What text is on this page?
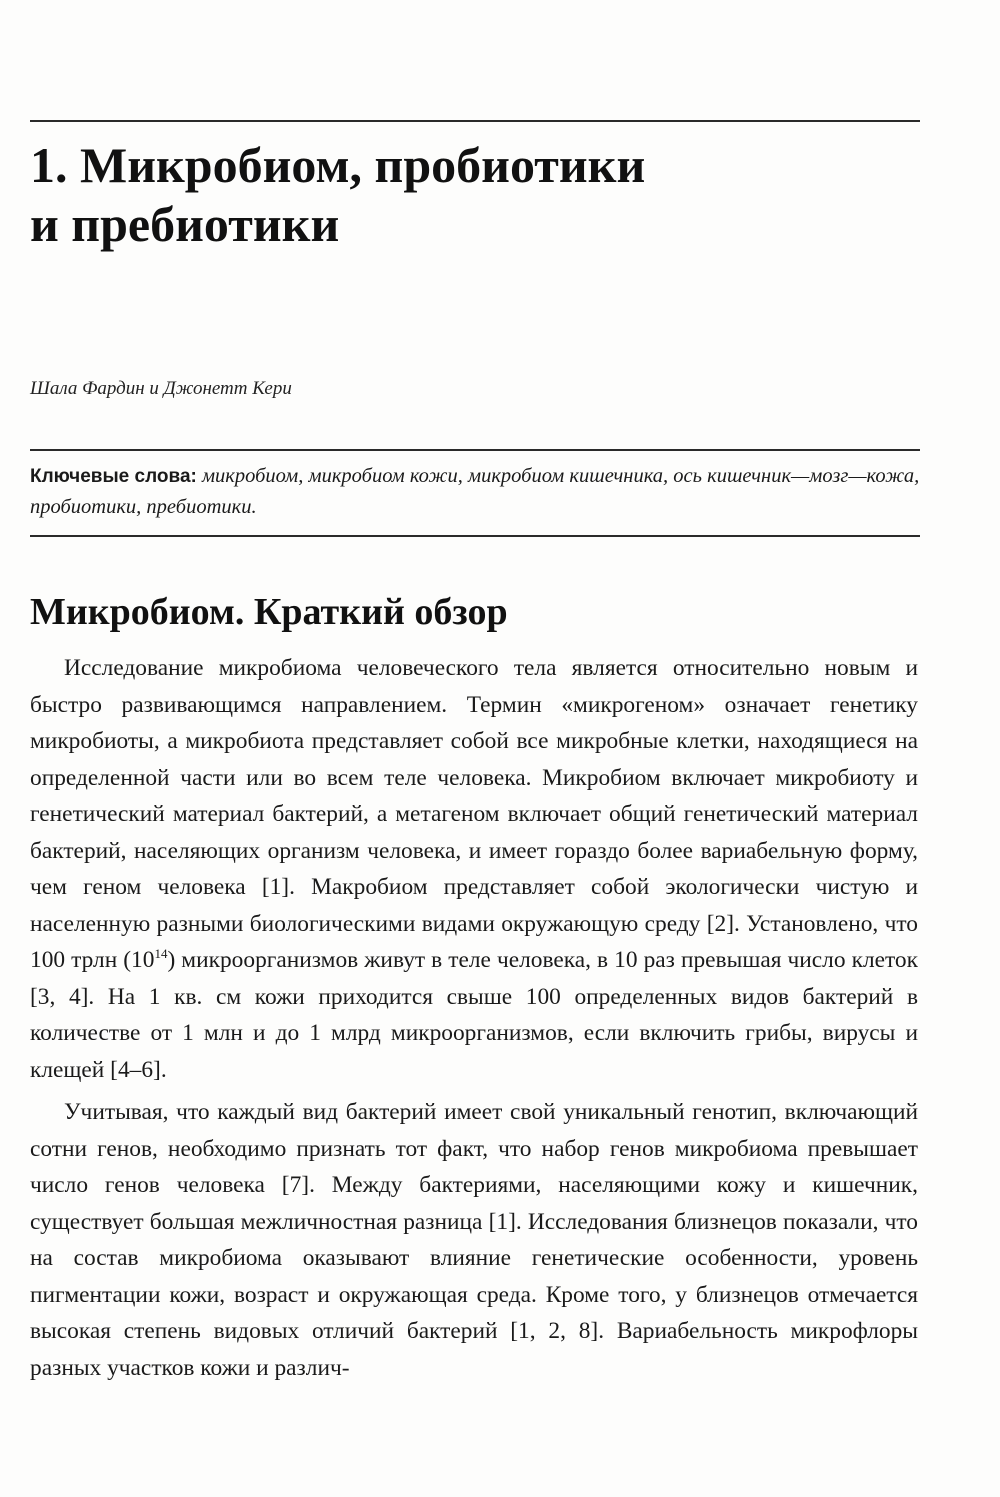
1. Микробиом, пробиотики
и пребиотики
Шала Фардин и Джонетт Кери
Ключевые слова: микробиом, микробиом кожи, микробиом кишечника, ось кишечник—мозг—кожа, пробиотики, пребиотики.
Микробиом. Краткий обзор

Исследование микробиома человеческого тела является относительно новым и быстро развивающимся направлением. Термин «микрогеном» означает генетику микробиоты, а микробиота представляет собой все микробные клетки, находящиеся на определенной части или во всем теле человека. Микробиом включает микробиоту и генетический материал бактерий, а метагеном включает общий генетический материал бактерий, населяющих организм человека, и имеет гораздо более вариабельную форму, чем геном человека [1]. Макробиом представляет собой экологически чистую и населенную разными биологическими видами окружающую среду [2]. Установлено, что 100 трлн $(10^{14})$ микроорганизмов живут в теле человека, в 10 раз превышая число клеток [3, 4]. На 1 кв. см кожи приходится свыше 100 определенных видов бактерий в количестве от 1 млн и до 1 млрд микроорганизмов, если включить грибы, вирусы и клещей [4–6].

Учитывая, что каждый вид бактерий имеет свой уникальный генотип, включающий сотни генов, необходимо признать тот факт, что набор генов микробиома превышает число генов человека [7]. Между бактериями, населяющими кожу и кишечник, существует большая межличностная разница [1]. Исследования близнецов показали, что на состав микробиома оказывают влияние генетические особенности, уровень пигментации кожи, возраст и окружающая среда. Кроме того, у близнецов отмечается высокая степень видовых отличий бактерий [1, 2, 8]. Вариабельность микрофлоры разных участков кожи и различ-
